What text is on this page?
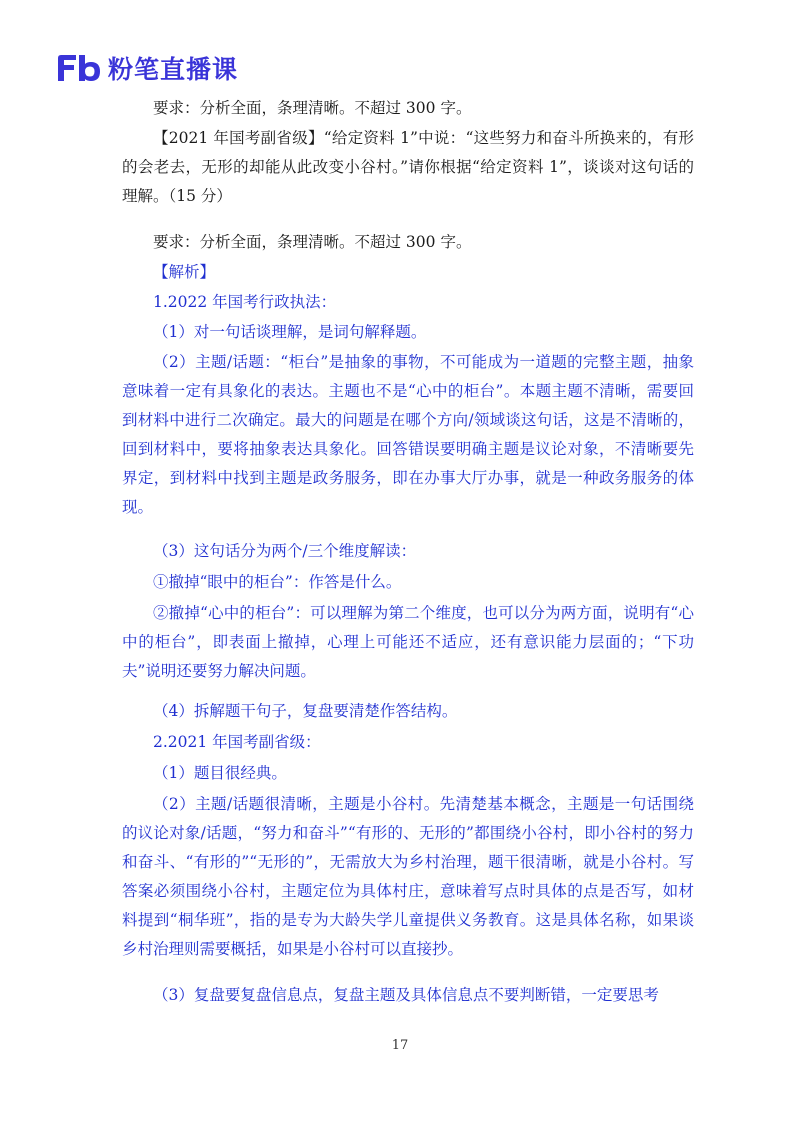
粉笔直播课

要求：分析全面，条理清晰。不超过 300 字。

【2021 年国考副省级】“给定资料 1”中说：“这些努力和奋斗所换来的，有形的会老去，无形的却能从此改变小谷村。”请你根据“给定资料 1”，谈谈对这句话的理解。（15 分）

要求：分析全面，条理清晰。不超过 300 字。

【解析】

1.2022 年国考行政执法：

（1）对一句话谈理解，是词句解释题。

（2）主题/话题：“柜台”是抽象的事物，不可能成为一道题的完整主题，抽象意味着一定有具象化的表达。主题也不是“心中的柜台”。本题主题不清晰，需要回到材料中进行二次确定。最大的问题是在哪个方向/领域谈这句话，这是不清晰的，回到材料中，要将抽象表达具象化。回答错误要明确主题是议论对象，不清晰要先界定，到材料中找到主题是政务服务，即在办事大厅办事，就是一种政务服务的体现。

（3）这句话分为两个/三个维度解读：

①撤掉“眼中的柜台”：作答是什么。

②撤掉“心中的柜台”：可以理解为第二个维度，也可以分为两方面，说明有“心中的柜台”，即表面上撤掉，心理上可能还不适应，还有意识能力层面的；“下功夫”说明还要努力解决问题。

（4）拆解题干句子，复盘要清楚作答结构。

2.2021 年国考副省级：

（1）题目很经典。

（2）主题/话题很清晰，主题是小谷村。先清楚基本概念，主题是一句话围绕的议论对象/话题，“努力和奋斗”“有形的、无形的”都围绕小谷村，即小谷村的努力和奋斗、“有形的”“无形的”，无需放大为乡村治理，题干很清晰，就是小谷村。写答案必须围绕小谷村，主题定位为具体村庄，意味着写点时具体的点是否写，如材料提到“桐华班”，指的是专为大龄失学儿童提供义务教育。这是具体名称，如果谈乡村治理则需要概括，如果是小谷村可以直接抄。

（3）复盘要复盘信息点，复盘主题及具体信息点不要判断错，一定要思考

17
